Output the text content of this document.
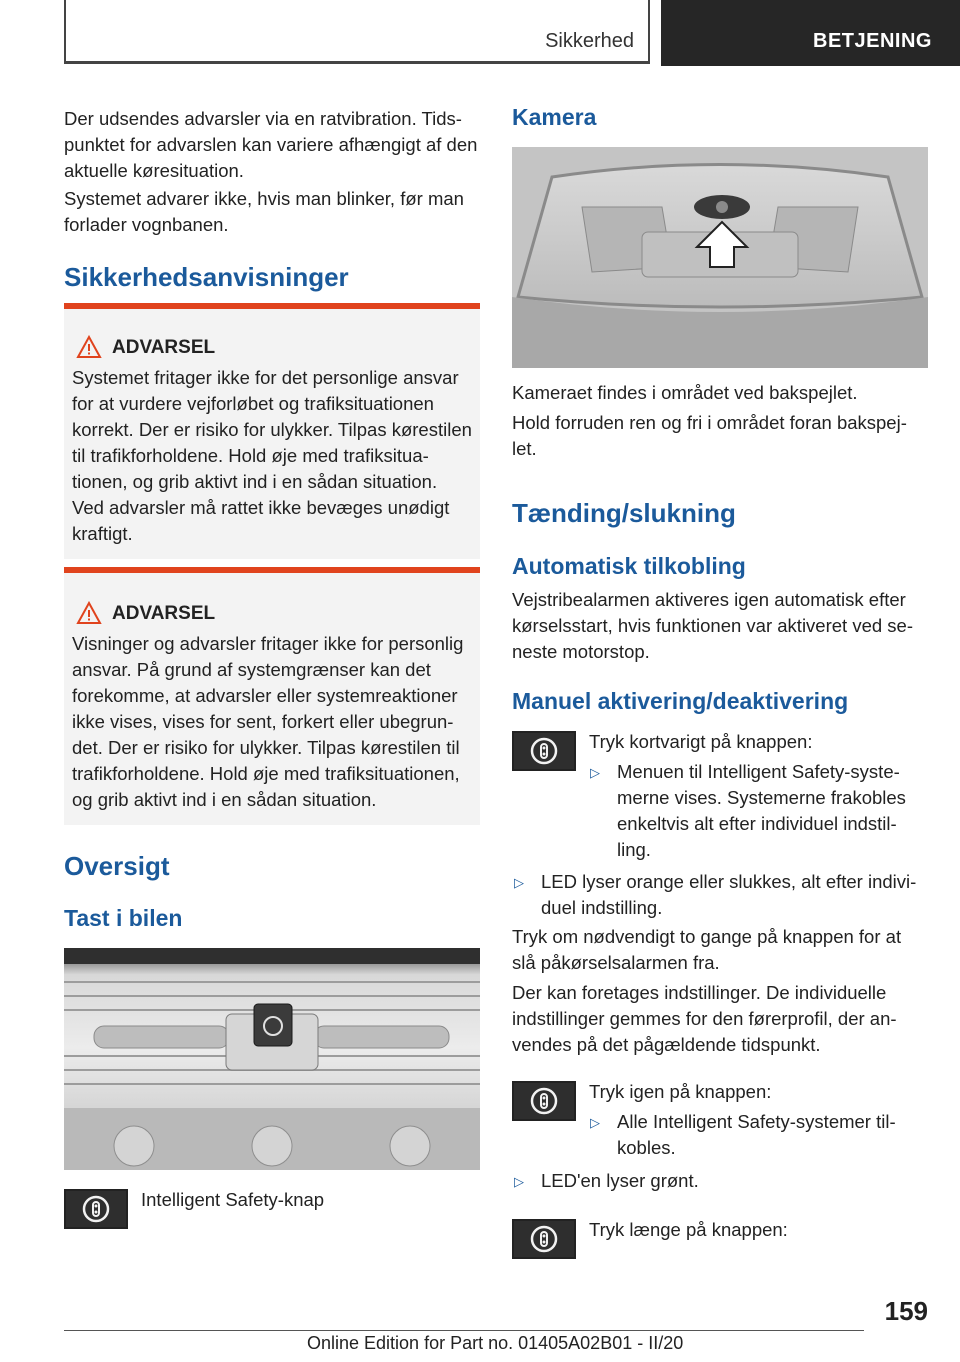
Sikkerhed	BETJENING

Der udsendes advarsler via en ratvibration. Tids-punktet for advarslen kan variere afhængigt af den aktuelle køresituation.

Systemet advarer ikke, hvis man blinker, før man forlader vognbanen.

Sikkerhedsanvisninger
ADVARSEL

Systemet fritager ikke for det personlige ansvar for at vurdere vejforløbet og trafiksituationen korrekt. Der er risiko for ulykker. Tilpas kørestilen til trafikforholdene. Hold øje med trafiksitua-tionen, og grib aktivt ind i en sådan situation. Ved advarsler må rattet ikke bevæges unødigt kraftigt.

ADVARSEL

Visninger og advarsler fritager ikke for personlig ansvar. På grund af systemgrænser kan det forekomme, at advarsler eller systemreaktioner ikke vises, vises for sent, forkert eller ubegrun-det. Der er risiko for ulykker. Tilpas kørestilen til trafikforholdene. Hold øje med trafiksituationen, og grib aktivt ind i en sådan situation.

Oversigt
Tast i bilen

Intelligent Safety-knap

Kamera

Kameraet findes i området ved bakspejlet.

Hold forruden ren og fri i området foran bakspej-let.

Tænding/slukning
Automatisk tilkobling

Vejstribealarmen aktiveres igen automatisk efter kørselsstart, hvis funktionen var aktiveret ved se-neste motorstop.

Manuel aktivering/deaktivering

Tryk kortvarigt på knappen:

▷ Menuen til Intelligent Safety-syste-merne vises. Systemerne frakobles enkeltvis alt efter individuel indstil-ling.

▷ LED lyser orange eller slukkes, alt efter indivi-duel indstilling.

Tryk om nødvendigt to gange på knappen for at slå påkørselsalarmen fra.

Der kan foretages indstillinger. De individuelle indstillinger gemmes for den førerprofil, der an-vendes på det pågældende tidspunkt.

Tryk igen på knappen:

▷ Alle Intelligent Safety-systemer til-kobles.

▷ LED'en lyser grønt.

Tryk længe på knappen:

159
Online Edition for Part no. 01405A02B01 - II/20
